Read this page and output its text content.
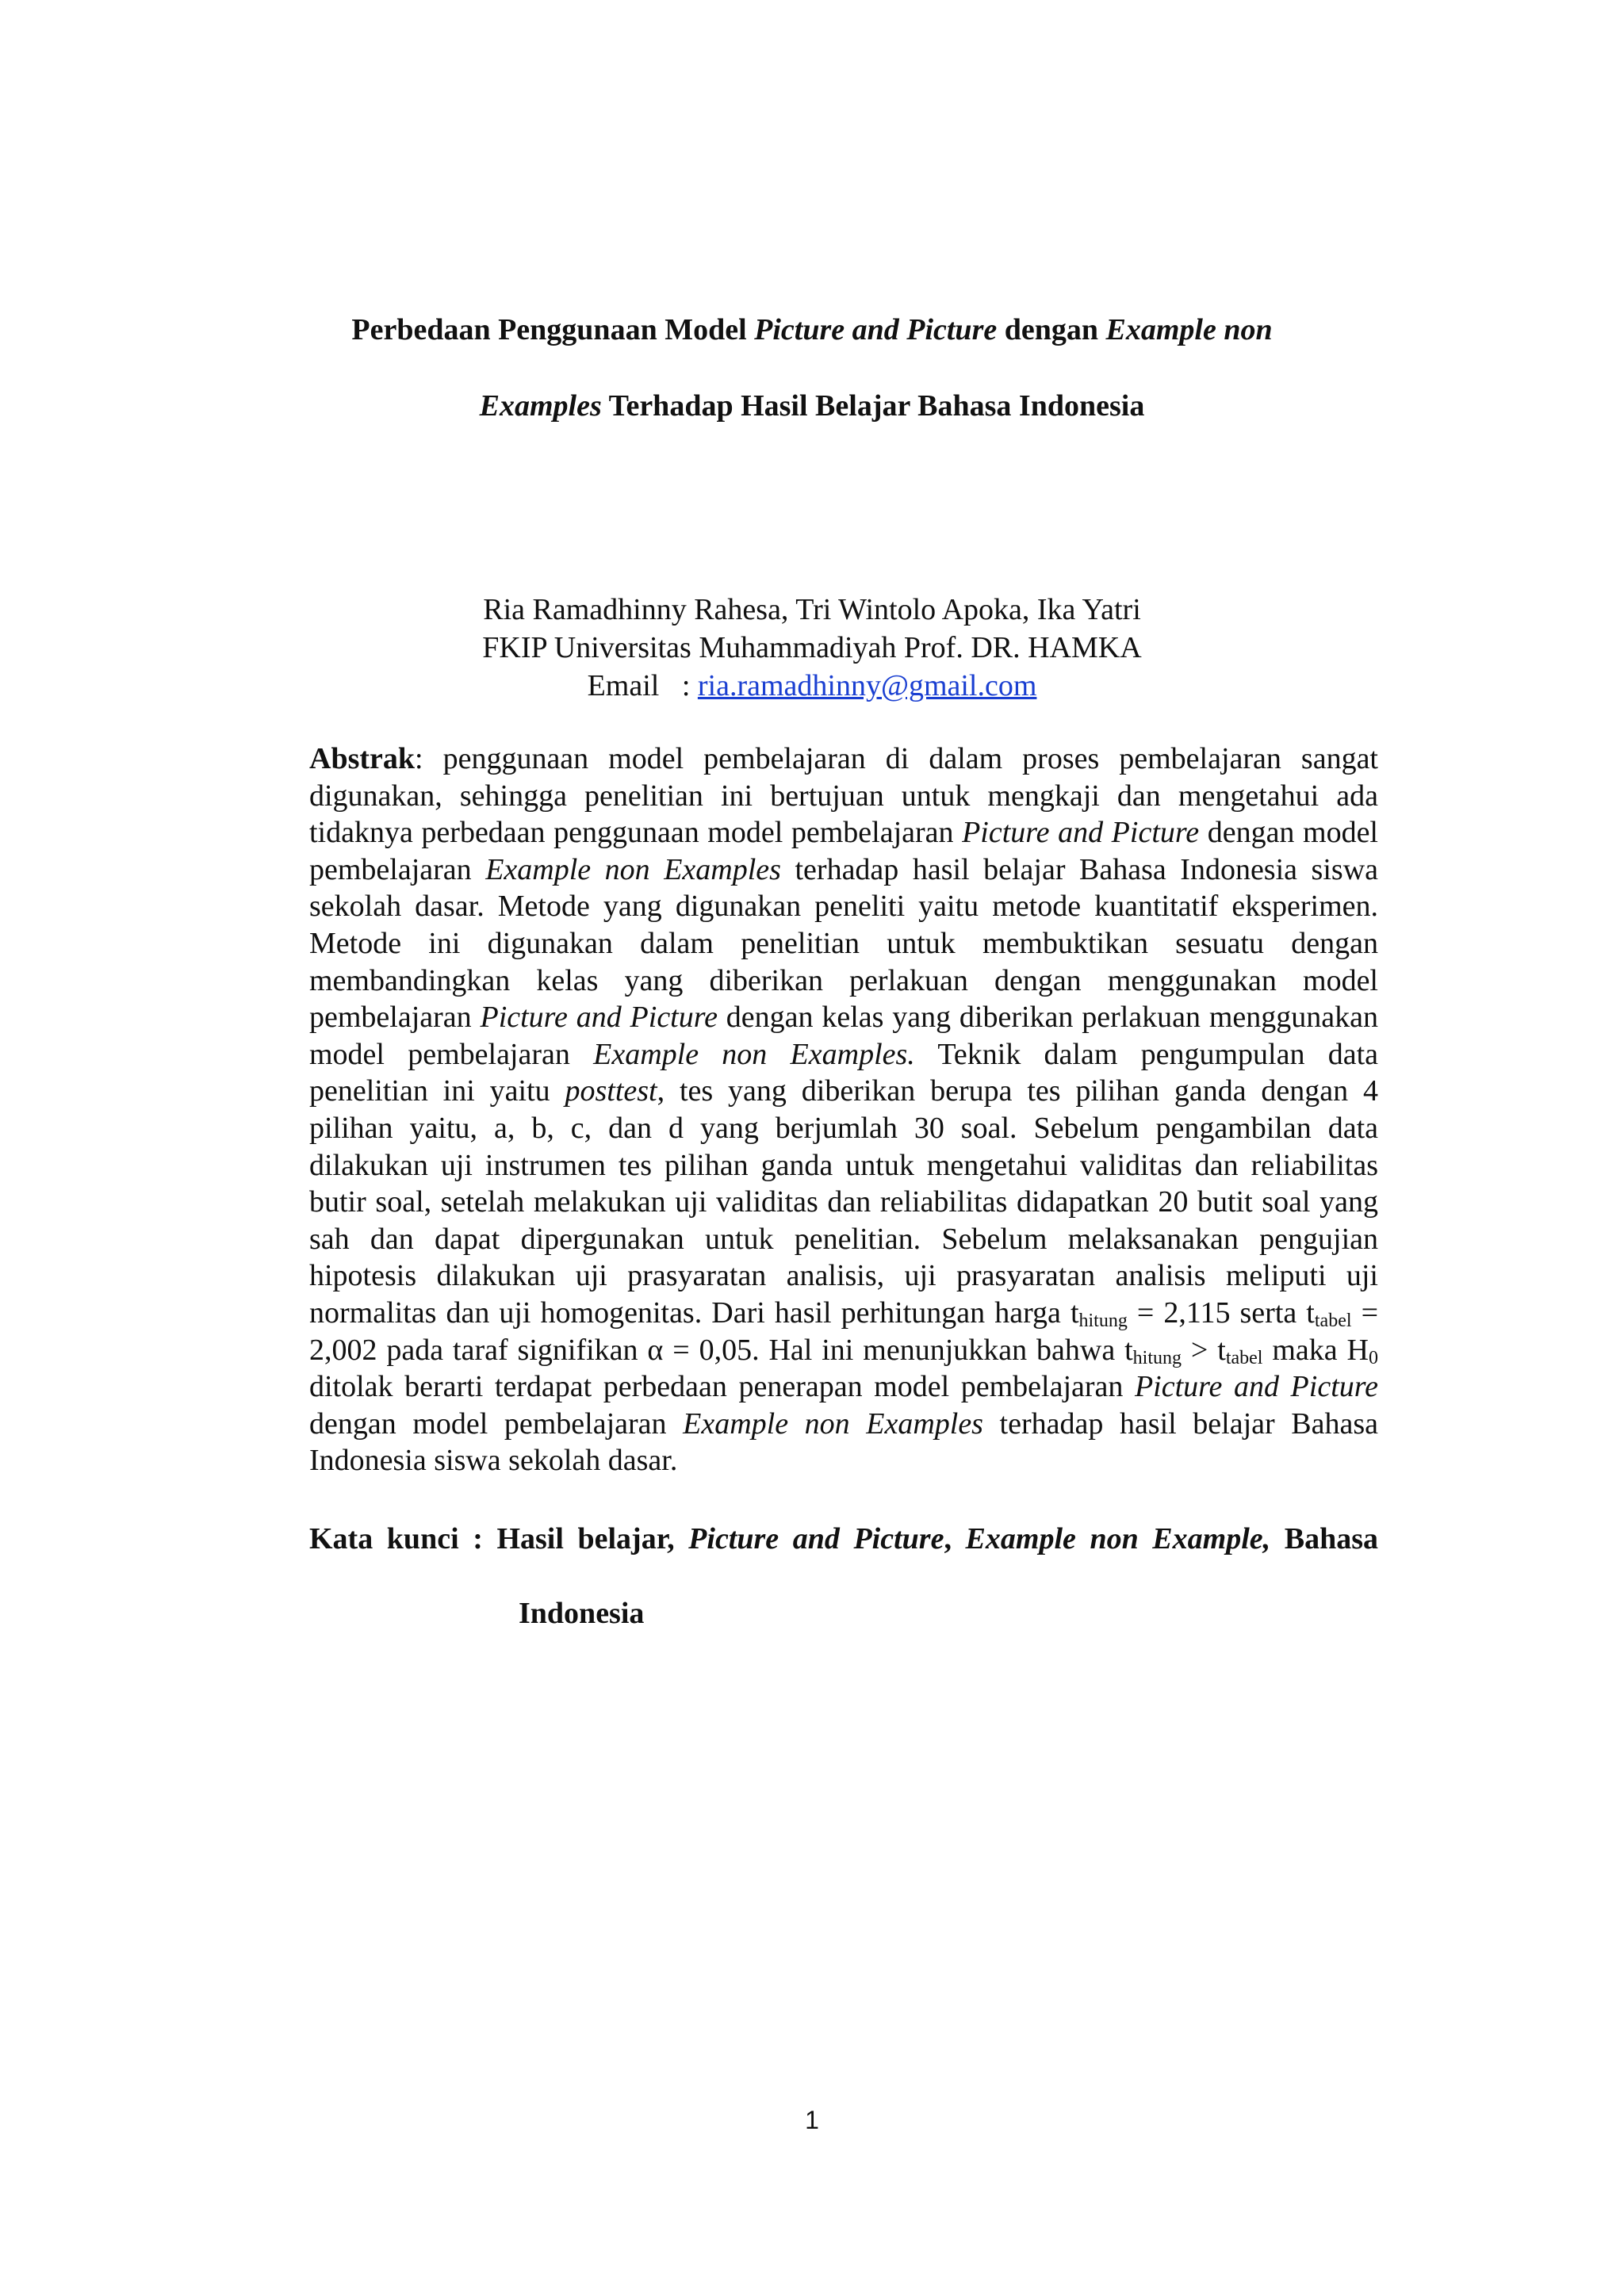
Perbedaan Penggunaan Model Picture and Picture dengan Example non
Examples Terhadap Hasil Belajar Bahasa Indonesia
Ria Ramadhinny Rahesa, Tri Wintolo Apoka, Ika Yatri
FKIP Universitas Muhammadiyah Prof. DR. HAMKA
Email   : ria.ramadhinny@gmail.com
Abstrak: penggunaan model pembelajaran di dalam proses pembelajaran sangat digunakan, sehingga penelitian ini bertujuan untuk mengkaji dan mengetahui ada tidaknya perbedaan penggunaan model pembelajaran Picture and Picture dengan model pembelajaran Example non Examples terhadap hasil belajar Bahasa Indonesia siswa sekolah dasar. Metode yang digunakan peneliti yaitu metode kuantitatif eksperimen. Metode ini digunakan dalam penelitian untuk membuktikan sesuatu dengan membandingkan kelas yang diberikan perlakuan dengan menggunakan model pembelajaran Picture and Picture dengan kelas yang diberikan perlakuan menggunakan model pembelajaran Example non Examples. Teknik dalam pengumpulan data penelitian ini yaitu posttest, tes yang diberikan berupa tes pilihan ganda dengan 4 pilihan yaitu, a, b, c, dan d yang berjumlah 30 soal. Sebelum pengambilan data dilakukan uji instrumen tes pilihan ganda untuk mengetahui validitas dan reliabilitas butir soal, setelah melakukan uji validitas dan reliabilitas didapatkan 20 butit soal yang sah dan dapat dipergunakan untuk penelitian. Sebelum melaksanakan pengujian hipotesis dilakukan uji prasyaratan analisis, uji prasyaratan analisis meliputi uji normalitas dan uji homogenitas. Dari hasil perhitungan harga $t_{hitung} = 2,115$ serta $t_{tabel} = 2,002$ pada taraf signifikan α = 0,05. Hal ini menunjukkan bahwa $t_{hitung} > t_{tabel}$ maka $H_0$ ditolak berarti terdapat perbedaan penerapan model pembelajaran Picture and Picture dengan model pembelajaran Example non Examples terhadap hasil belajar Bahasa Indonesia siswa sekolah dasar.
Kata kunci : Hasil belajar, Picture and Picture, Example non Example, Bahasa
Indonesia
1
